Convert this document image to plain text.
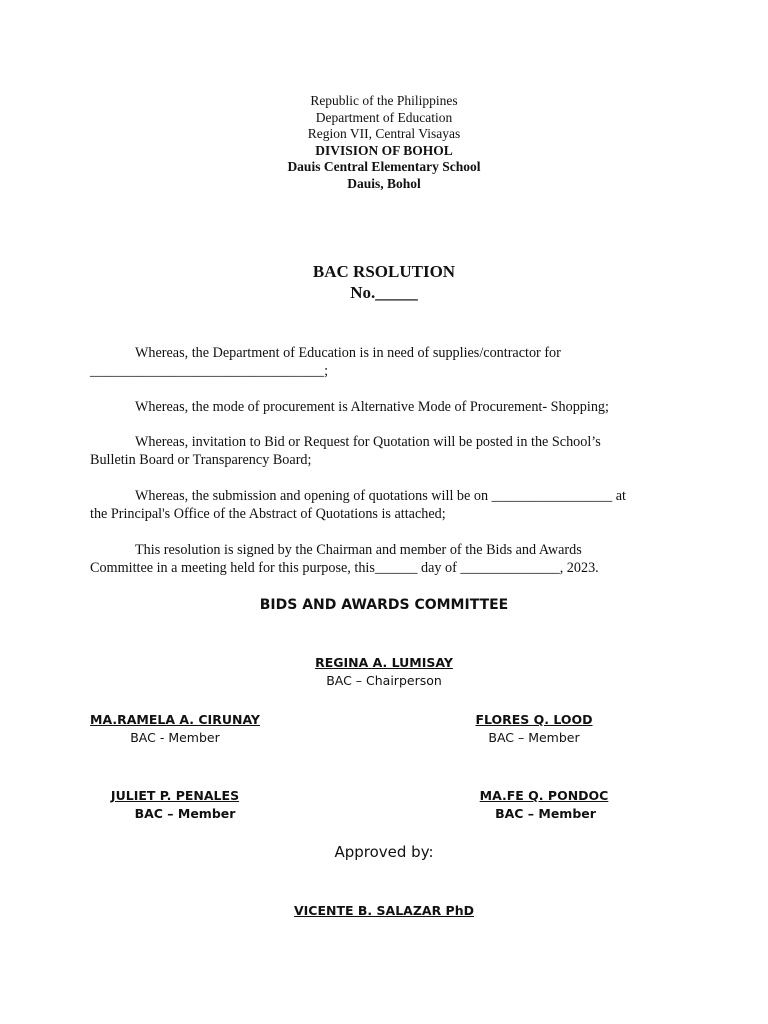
Republic of the Philippines
Department of Education
Region VII, Central Visayas
DIVISION OF BOHOL
Dauis Central Elementary School
Dauis, Bohol
BAC RSOLUTION
No._____
Whereas, the Department of Education is in need of supplies/contractor for
_________________________________;
Whereas, the mode of procurement is Alternative Mode of Procurement- Shopping;
Whereas, invitation to Bid or Request for Quotation will be posted in the School’s
Bulletin Board or Transparency Board;
Whereas, the submission and opening of quotations will be on _________________ at
the Principal's Office of the Abstract of Quotations is attached;
This resolution is signed by the Chairman and member of the Bids and Awards
Committee in a meeting held for this purpose, this______ day of ______________, 2023.
BIDS AND AWARDS COMMITTEE
REGINA A. LUMISAY
BAC – Chairperson
MA.RAMELA A. CIRUNAY
BAC - Member
FLORES Q. LOOD
BAC – Member
JULIET P. PENALES
BAC – Member
MA.FE Q. PONDOC
BAC – Member
Approved by:
VICENTE B. SALAZAR PhD
